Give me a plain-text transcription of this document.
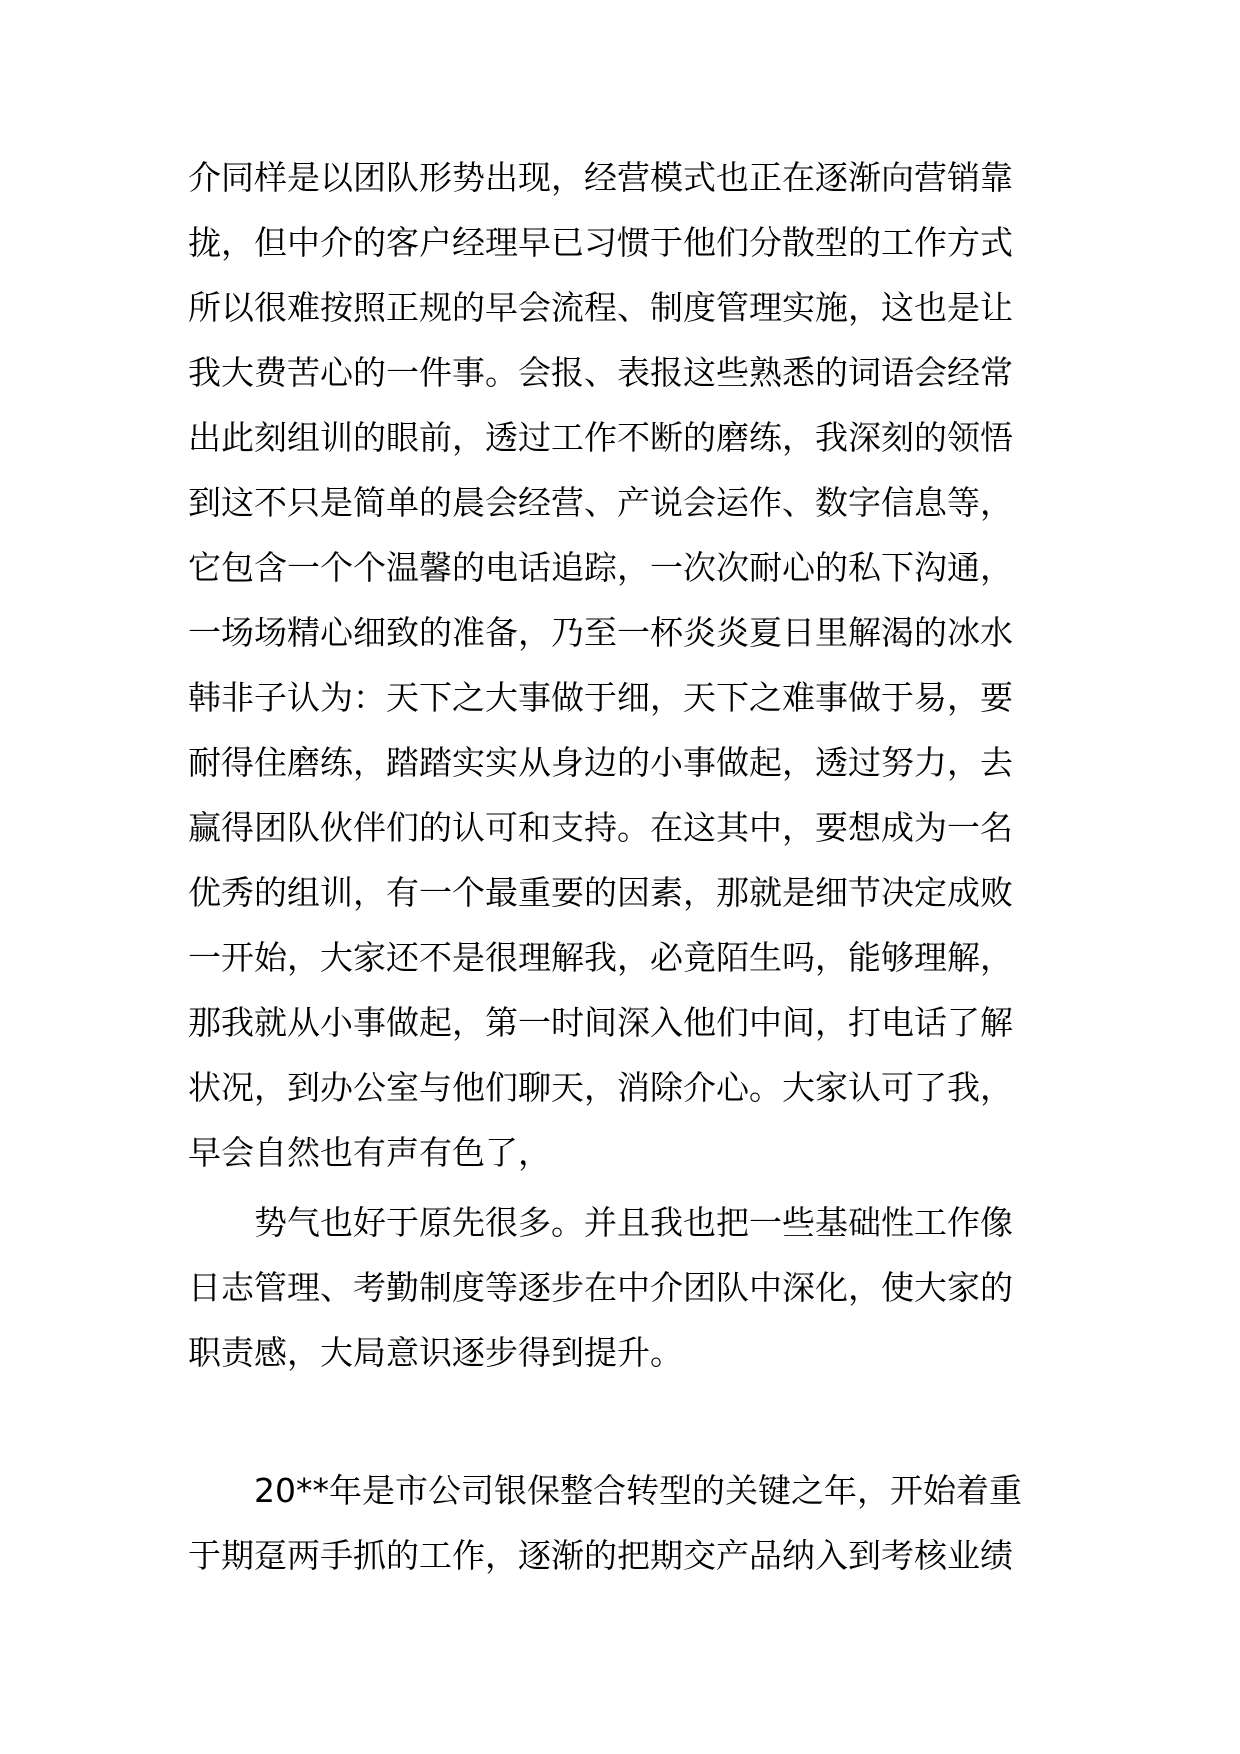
介同样是以团队形势出现，经营模式也正在逐渐向营销靠
拢，但中介的客户经理早已习惯于他们分散型的工作方式
所以很难按照正规的早会流程、制度管理实施，这也是让
我大费苦心的一件事。会报、表报这些熟悉的词语会经常
出此刻组训的眼前，透过工作不断的磨练，我深刻的领悟
到这不只是简单的晨会经营、产说会运作、数字信息等，
它包含一个个温馨的电话追踪，一次次耐心的私下沟通，
一场场精心细致的准备，乃至一杯炎炎夏日里解渴的冰水
韩非子认为：天下之大事做于细，天下之难事做于易，要
耐得住磨练，踏踏实实从身边的小事做起，透过努力，去
赢得团队伙伴们的认可和支持。在这其中，要想成为一名
优秀的组训，有一个最重要的因素，那就是细节决定成败
一开始，大家还不是很理解我，必竟陌生吗，能够理解，
那我就从小事做起，第一时间深入他们中间，打电话了解
状况，到办公室与他们聊天，消除介心。大家认可了我，
早会自然也有声有色了，
势气也好于原先很多。并且我也把一些基础性工作像
日志管理、考勤制度等逐步在中介团队中深化，使大家的
职责感，大局意识逐步得到提升。
20**年是市公司银保整合转型的关键之年，开始着重
于期趸两手抓的工作，逐渐的把期交产品纳入到考核业绩
